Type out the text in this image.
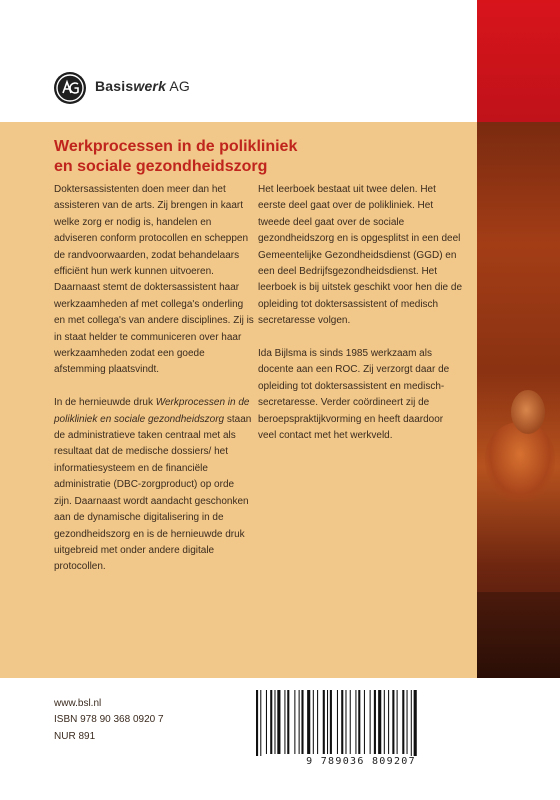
Basiswerk AG
Werkprocessen in de polikliniek
en sociale gezondheidszorg

Doktersassistenten doen meer dan het assisteren van de arts. Zij brengen in kaart welke zorg er nodig is, handelen en adviseren conform protocollen en scheppen de randvoorwaarden, zodat behandelaars efficiënt hun werk kunnen uitvoeren. Daarnaast stemt de doktersassistent haar werkzaamheden af met collega's onderling en met collega's van andere disciplines. Zij is in staat helder te communiceren over haar werkzaamheden zodat een goede afstemming plaatsvindt.

In de hernieuwde druk Werkprocessen in de polikliniek en sociale gezondheidszorg staan de administratieve taken centraal met als resultaat dat de medische dossiers/ het informatiesysteem en de financiële administratie (DBC-zorgproduct) op orde zijn. Daarnaast wordt aandacht geschonken aan de dynamische digitalisering in de gezondheidszorg en is de hernieuwde druk uitgebreid met onder andere digitale protocollen.

Het leerboek bestaat uit twee delen. Het eerste deel gaat over de polikliniek. Het tweede deel gaat over de sociale gezondheidszorg en is opgesplitst in een deel Gemeentelijke Gezondheidsdienst (GGD) en een deel Bedrijfsgezondheidsdienst. Het leerboek is bij uitstek geschikt voor hen die de opleiding tot doktersassistent of medisch secretaresse volgen.

Ida Bijlsma is sinds 1985 werkzaam als docente aan een ROC. Zij verzorgt daar de opleiding tot doktersassistent en medisch-secretaresse. Verder coördineert zij de beroepspraktijkvorming en heeft daardoor veel contact met het werkveld.

www.bsl.nl
ISBN 978 90 368 0920 7
NUR 891
9 789036 809207
